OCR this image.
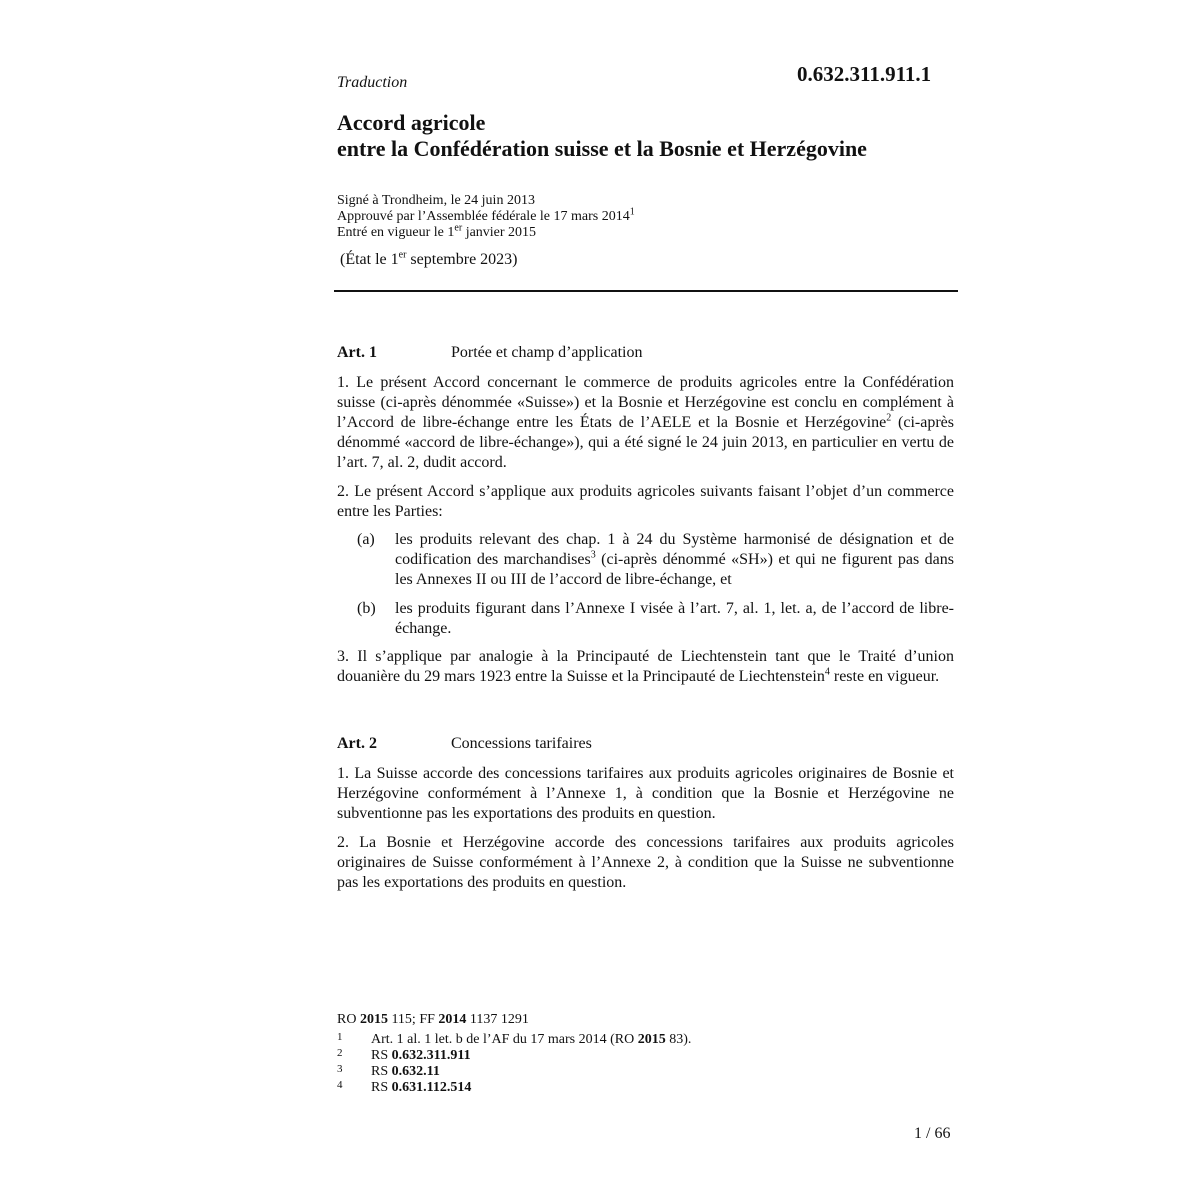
Traduction	0.632.311.911.1
Accord agricole
entre la Confédération suisse et la Bosnie et Herzégovine
Signé à Trondheim, le 24 juin 2013
Approuvé par l’Assemblée fédérale le 17 mars 2014$^1$
Entré en vigueur le 1er janvier 2015
(État le 1er septembre 2023)
Art. 1	Portée et champ d’application
1. Le présent Accord concernant le commerce de produits agricoles entre la Confédération suisse (ci-après dénommée «Suisse») et la Bosnie et Herzégovine est conclu en complément à l’Accord de libre-échange entre les États de l’AELE et la Bosnie et Herzégovine$^2$ (ci-après dénommé «accord de libre-échange»), qui a été signé le 24 juin 2013, en particulier en vertu de l’art. 7, al. 2, dudit accord.
2. Le présent Accord s’applique aux produits agricoles suivants faisant l’objet d’un commerce entre les Parties:
(a) les produits relevant des chap. 1 à 24 du Système harmonisé de désignation et de codification des marchandises$^3$ (ci-après dénommé «SH») et qui ne figurent pas dans les Annexes II ou III de l’accord de libre-échange, et
(b) les produits figurant dans l’Annexe I visée à l’art. 7, al. 1, let. a, de l’accord de libre-échange.
3. Il s’applique par analogie à la Principauté de Liechtenstein tant que le Traité d’union douanière du 29 mars 1923 entre la Suisse et la Principauté de Liechtenstein$^4$ reste en vigueur.
Art. 2	Concessions tarifaires
1. La Suisse accorde des concessions tarifaires aux produits agricoles originaires de Bosnie et Herzégovine conformément à l’Annexe 1, à condition que la Bosnie et Herzégovine ne subventionne pas les exportations des produits en question.
2. La Bosnie et Herzégovine accorde des concessions tarifaires aux produits agricoles originaires de Suisse conformément à l’Annexe 2, à condition que la Suisse ne subventionne pas les exportations des produits en question.
RO 2015 115; FF 2014 1137 1291
1 Art. 1 al. 1 let. b de l’AF du 17 mars 2014 (RO 2015 83).
2 RS 0.632.311.911
3 RS 0.632.11
4 RS 0.631.112.514
1 / 66
